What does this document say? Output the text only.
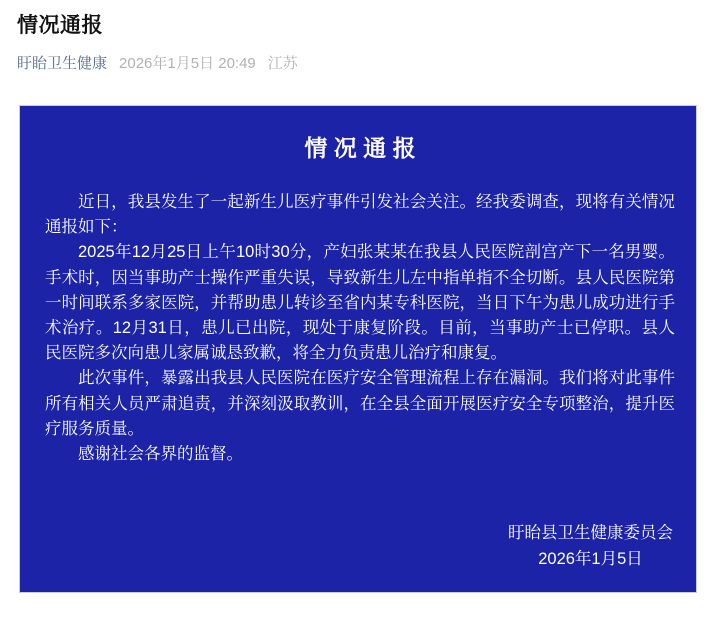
情况通报
盱眙卫生健康 2026年1月5日 20:49 江苏
情 况 通 报

近日，我县发生了一起新生儿医疗事件引发社会关注。经我委调查，现将有关情况通报如下：

2025年12月25日上午10时30分，产妇张某某在我县人民医院剖宫产下一名男婴。手术时，因当事助产士操作严重失误，导致新生儿左中指单指不全切断。县人民医院第一时间联系多家医院，并帮助患儿转诊至省内某专科医院，当日下午为患儿成功进行手术治疗。12月31日，患儿已出院，现处于康复阶段。目前，当事助产士已停职。县人民医院多次向患儿家属诚恳致歉，将全力负责患儿治疗和康复。

此次事件，暴露出我县人民医院在医疗安全管理流程上存在漏洞。我们将对此事件所有相关人员严肃追责，并深刻汲取教训，在全县全面开展医疗安全专项整治，提升医疗服务质量。

感谢社会各界的监督。

盱眙县卫生健康委员会
2026年1月5日
